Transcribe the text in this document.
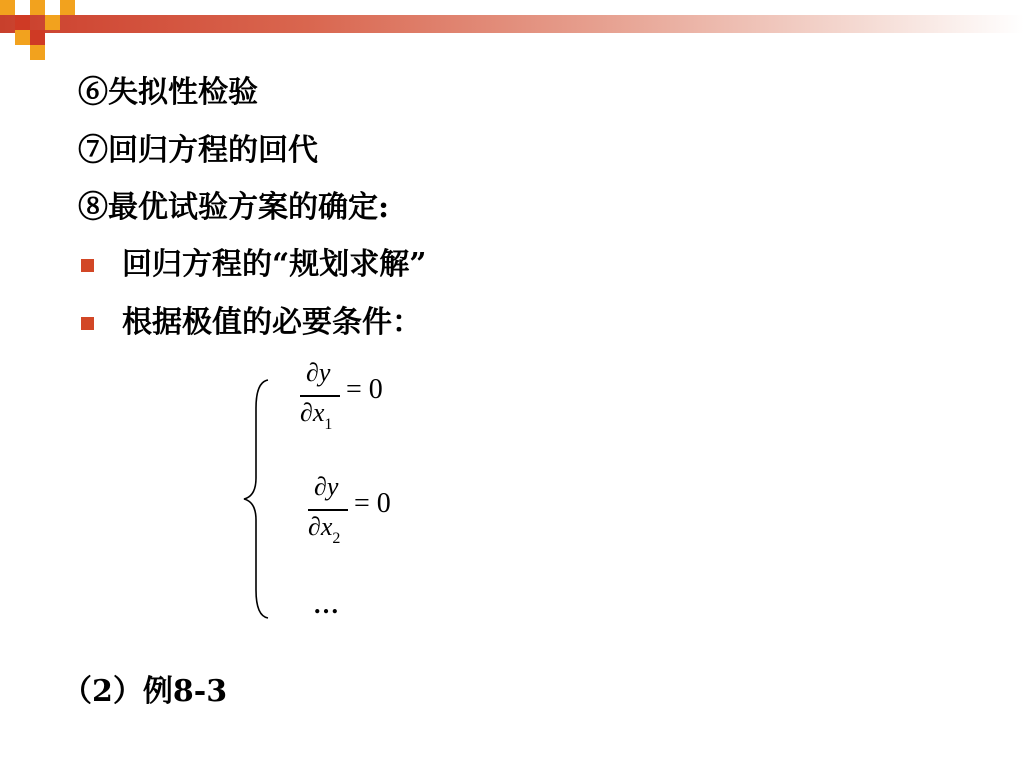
⑥失拟性检验
⑦回归方程的回代
⑧最优试验方案的确定:
回归方程的“规划求解”
根据极值的必要条件：
∂y
$\partial x_1$
= 0
∂y
$\partial x_2$
= 0
…
（2）例8-3
